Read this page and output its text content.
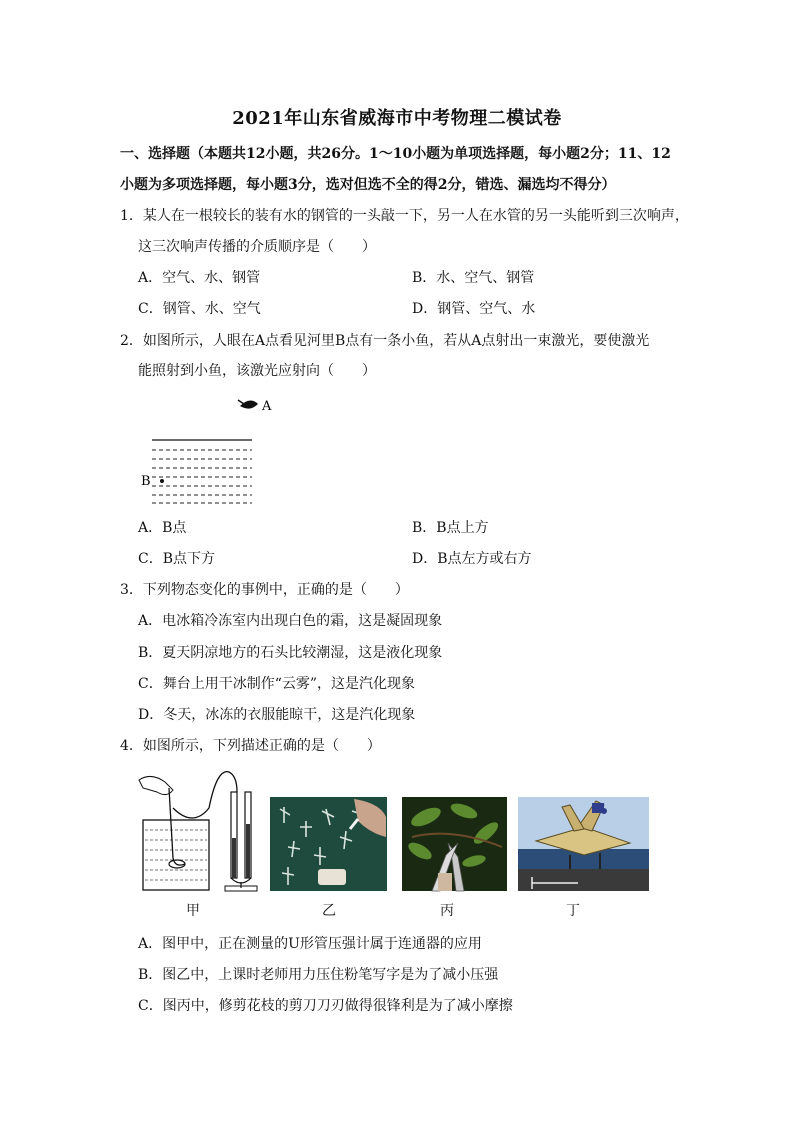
2021年山东省威海市中考物理二模试卷
一、选择题（本题共12小题，共26分。1～10小题为单项选择题，每小题2分；11、12
小题为多项选择题，每小题3分，选对但选不全的得2分，错选、漏选均不得分）
1．某人在一根较长的装有水的钢管的一头敲一下，另一人在水管的另一头能听到三次响声，
这三次响声传播的介质顺序是（　　）
A．空气、水、钢管	B．水、空气、钢管
C．钢管、水、空气	D．钢管、空气、水
2．如图所示，人眼在A点看见河里B点有一条小鱼，若从A点射出一束激光，要使激光
能照射到小鱼，该激光应射向（　　）
A
B
A．B点	B．B点上方
C．B点下方	D．B点左方或右方
3．下列物态变化的事例中，正确的是（　　）
A．电冰箱冷冻室内出现白色的霜，这是凝固现象
B．夏天阴凉地方的石头比较潮湿，这是液化现象
C．舞台上用干冰制作“云雾”，这是汽化现象
D．冬天，冰冻的衣服能晾干，这是汽化现象
4．如图所示，下列描述正确的是（　　）
甲	乙	丙	丁
A．图甲中，正在测量的U形管压强计属于连通器的应用
B．图乙中，上课时老师用力压住粉笔写字是为了减小压强
C．图丙中，修剪花枝的剪刀刀刃做得很锋利是为了减小摩擦
